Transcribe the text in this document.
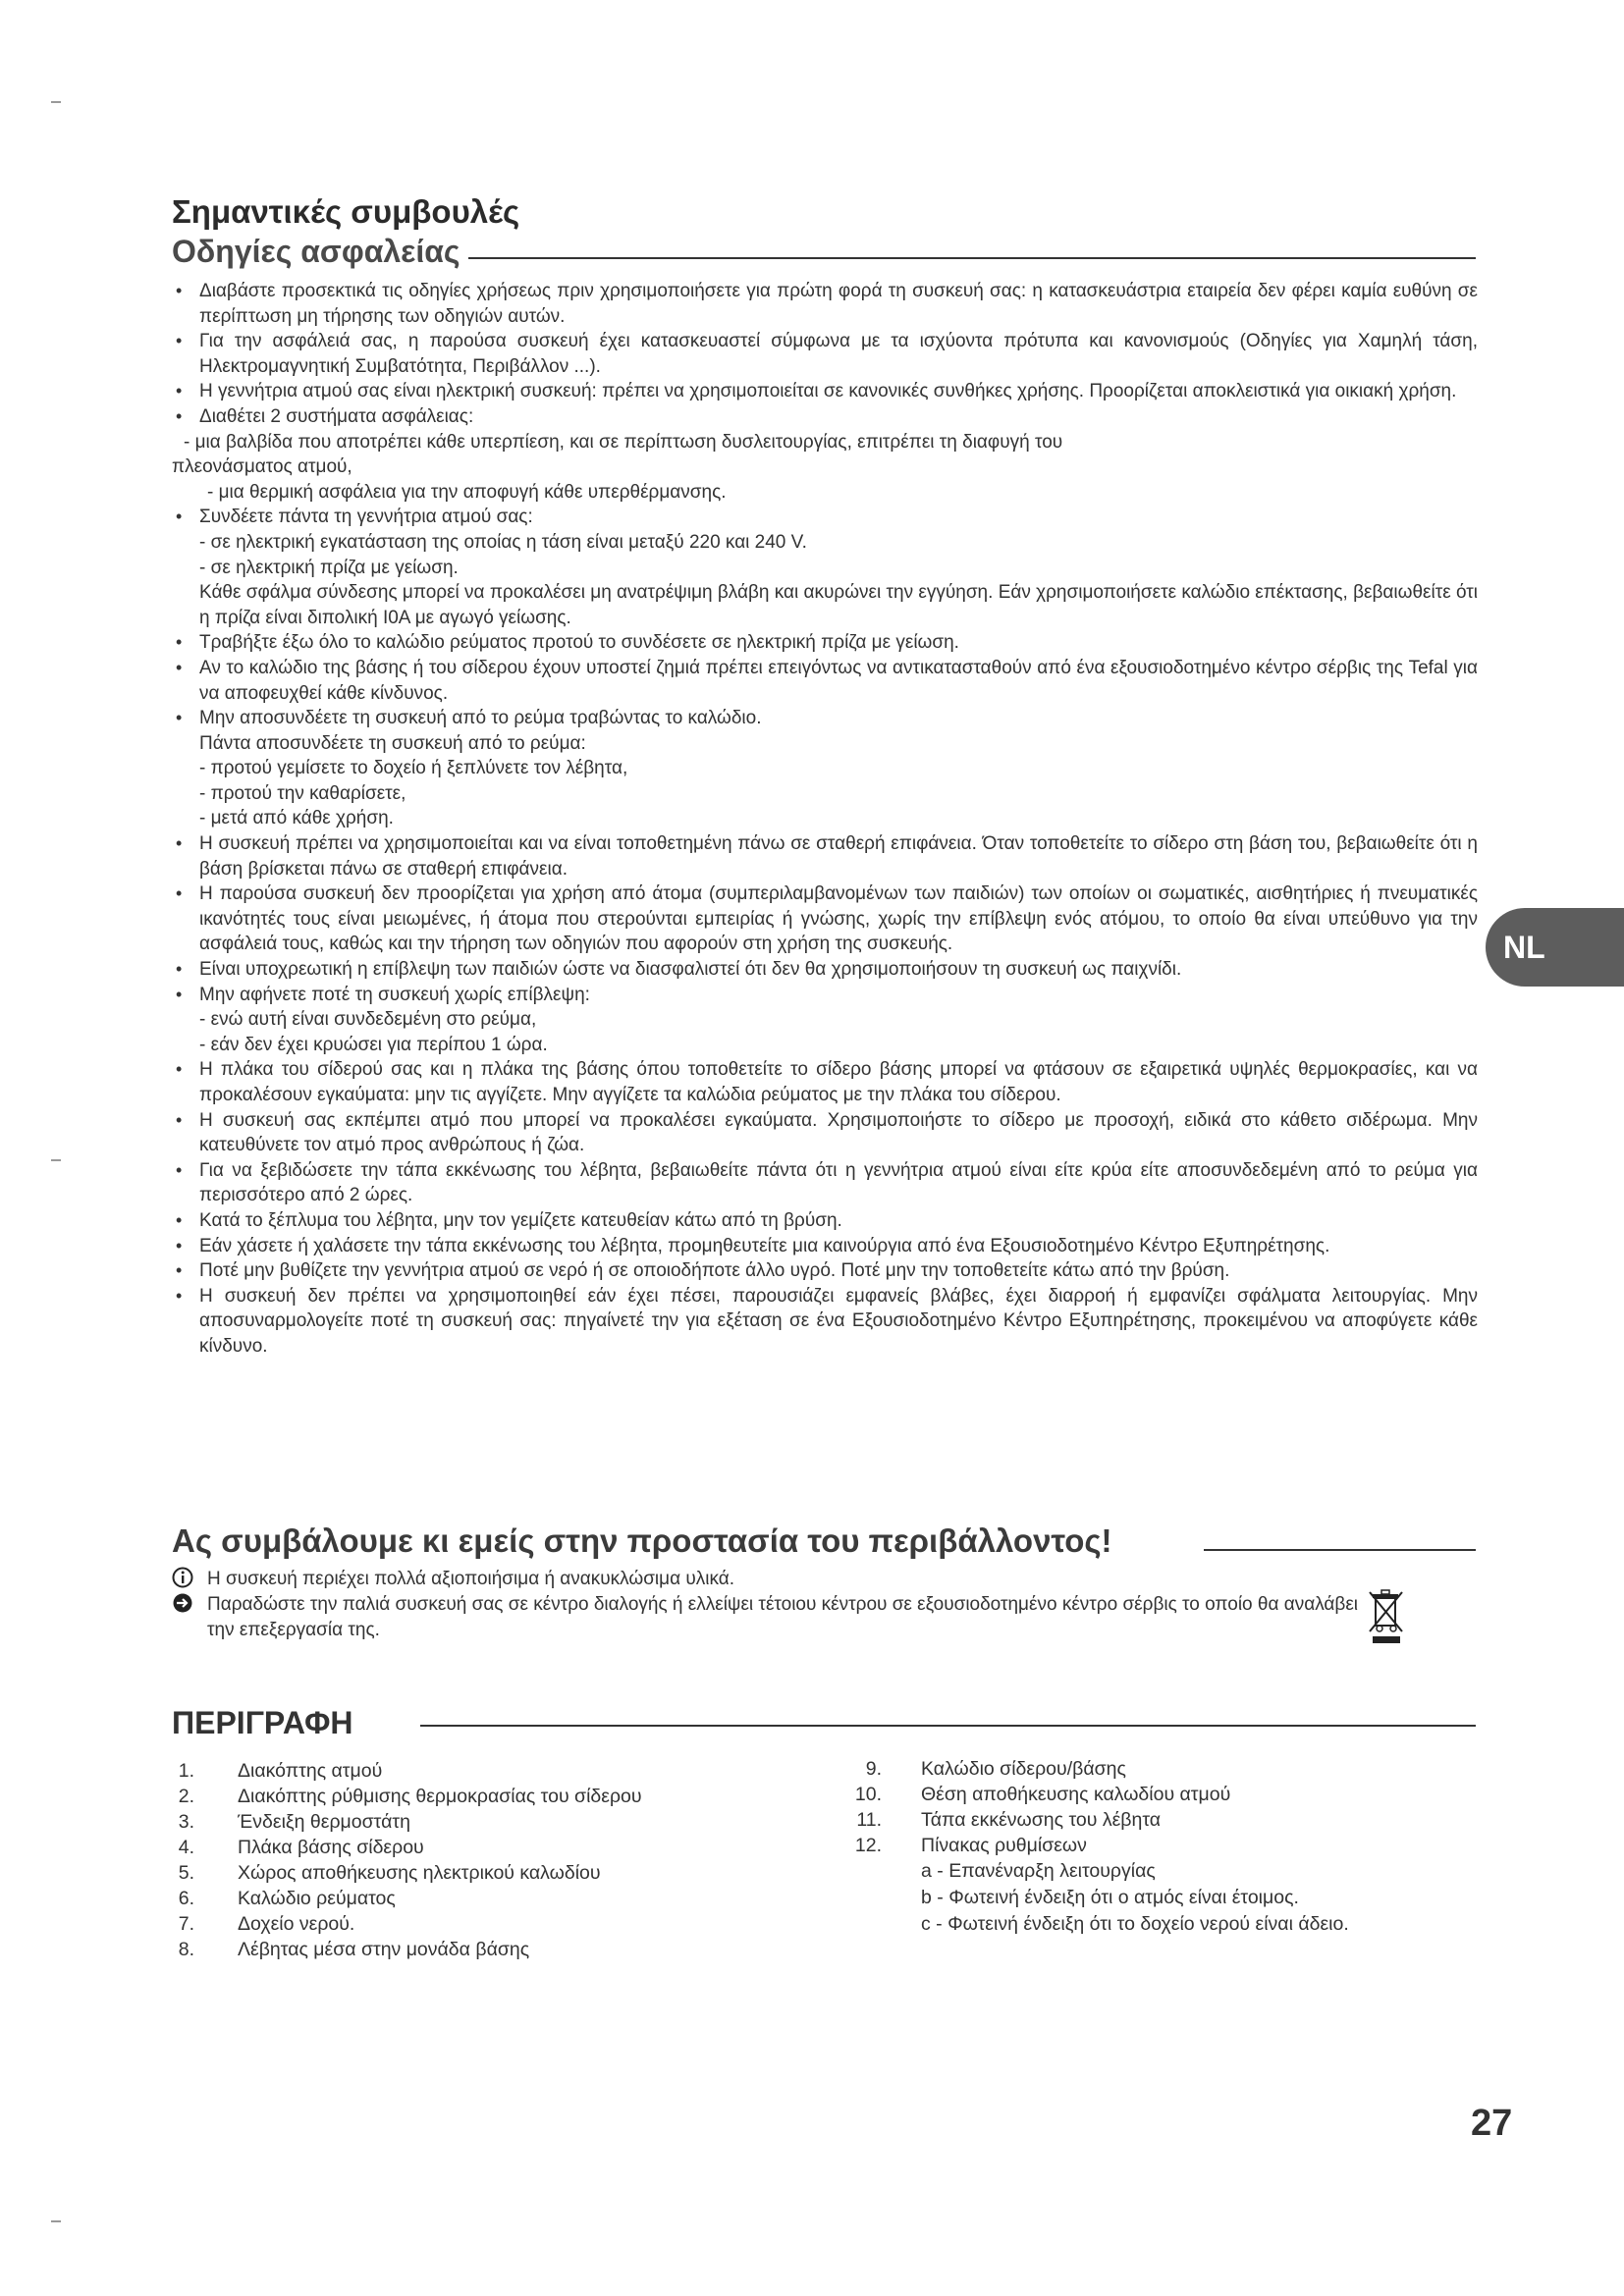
Σημαντικές συμβουλές
Οδηγίες ασφαλείας

• Διαβάστε προσεκτικά τις οδηγίες χρήσεως πριν χρησιμοποιήσετε για πρώτη φορά τη συσκευή σας: η κατασκευάστρια εταιρεία δεν φέρει καμία ευθύνη σε περίπτωση μη τήρησης των οδηγιών αυτών.

• Για την ασφάλειά σας, η παρούσα συσκευή έχει κατασκευαστεί σύμφωνα με τα ισχύοντα πρότυπα και κανονισμούς (Οδηγίες για Χαμηλή τάση, Ηλεκτρομαγνητική Συμβατότητα, Περιβάλλον ...).

• Η γεννήτρια ατμού σας είναι ηλεκτρική συσκευή: πρέπει να χρησιμοποιείται σε κανονικές συνθήκες χρήσης. Προορίζεται αποκλειστικά για οικιακή χρήση.

• Διαθέτει 2 συστήματα ασφάλειας:

- μια βαλβίδα που αποτρέπει κάθε υπερπίεση, και σε περίπτωση δυσλειτουργίας, επιτρέπει τη διαφυγή του

πλεονάσματος ατμού,

- μια θερμική ασφάλεια για την αποφυγή κάθε υπερθέρμανσης.

• Συνδέετε πάντα τη γεννήτρια ατμού σας:

- σε ηλεκτρική εγκατάσταση της οποίας η τάση είναι μεταξύ 220 και 240 V.

- σε ηλεκτρική πρίζα με γείωση.

Κάθε σφάλμα σύνδεσης μπορεί να προκαλέσει μη ανατρέψιμη βλάβη και ακυρώνει την εγγύηση. Εάν χρησιμοποιήσετε καλώδιο επέκτασης, βεβαιωθείτε ότι η πρίζα είναι διπολική I0A με αγωγό γείωσης.

• Τραβήξτε έξω όλο το καλώδιο ρεύματος προτού το συνδέσετε σε ηλεκτρική πρίζα με γείωση.

• Αν το καλώδιο της βάσης ή του σίδερου έχουν υποστεί ζημιά πρέπει επειγόντως να αντικατασταθούν από ένα εξουσιοδοτημένο κέντρο σέρβις της Tefal για να αποφευχθεί κάθε κίνδυνος.

• Μην αποσυνδέετε τη συσκευή από το ρεύμα τραβώντας το καλώδιο.

Πάντα αποσυνδέετε τη συσκευή από το ρεύμα:

- προτού γεμίσετε το δοχείο ή ξεπλύνετε τον λέβητα,

- προτού την καθαρίσετε,

- μετά από κάθε χρήση.

• Η συσκευή πρέπει να χρησιμοποιείται και να είναι τοποθετημένη πάνω σε σταθερή επιφάνεια. Όταν τοποθετείτε το σίδερο στη βάση του, βεβαιωθείτε ότι η βάση βρίσκεται πάνω σε σταθερή επιφάνεια.

• Η παρούσα συσκευή δεν προορίζεται για χρήση από άτομα (συμπεριλαμβανομένων των παιδιών) των οποίων οι σωματικές, αισθητήριες ή πνευματικές ικανότητές τους είναι μειωμένες, ή άτομα που στερούνται εμπειρίας ή γνώσης, χωρίς την επίβλεψη ενός ατόμου, το οποίο θα είναι υπεύθυνο για την ασφάλειά τους, καθώς και την τήρηση των οδηγιών που αφορούν στη χρήση της συσκευής.

• Είναι υποχρεωτική η επίβλεψη των παιδιών ώστε να διασφαλιστεί ότι δεν θα χρησιμοποιήσουν τη συσκευή ως παιχνίδι.

• Μην αφήνετε ποτέ τη συσκευή χωρίς επίβλεψη:

- ενώ αυτή είναι συνδεδεμένη στο ρεύμα,

- εάν δεν έχει κρυώσει για περίπου 1 ώρα.

• Η πλάκα του σίδερού σας και η πλάκα της βάσης όπου τοποθετείτε το σίδερο βάσης μπορεί να φτάσουν σε εξαιρετικά υψηλές θερμοκρασίες, και να προκαλέσουν εγκαύματα: μην τις αγγίζετε. Μην αγγίζετε τα καλώδια ρεύματος με την πλάκα του σίδερου.

• Η συσκευή σας εκπέμπει ατμό που μπορεί να προκαλέσει εγκαύματα. Χρησιμοποιήστε το σίδερο με προσοχή, ειδικά στο κάθετο σιδέρωμα. Μην κατευθύνετε τον ατμό προς ανθρώπους ή ζώα.

• Για να ξεβιδώσετε την τάπα εκκένωσης του λέβητα, βεβαιωθείτε πάντα ότι η γεννήτρια ατμού είναι είτε κρύα είτε αποσυνδεδεμένη από το ρεύμα για περισσότερο από 2 ώρες.

• Κατά το ξέπλυμα του λέβητα, μην τον γεμίζετε κατευθείαν κάτω από τη βρύση.

• Εάν χάσετε ή χαλάσετε την τάπα εκκένωσης του λέβητα, προμηθευτείτε μια καινούργια από ένα Εξουσιοδοτημένο Κέντρο Εξυπηρέτησης.

• Ποτέ μην βυθίζετε την γεννήτρια ατμού σε νερό ή σε οποιοδήποτε άλλο υγρό. Ποτέ μην την τοποθετείτε κάτω από την βρύση.

• Η συσκευή δεν πρέπει να χρησιμοποιηθεί εάν έχει πέσει, παρουσιάζει εμφανείς βλάβες, έχει διαρροή ή εμφανίζει σφάλματα λειτουργίας. Μην αποσυναρμολογείτε ποτέ τη συσκευή σας: πηγαίνετέ την για εξέταση σε ένα Εξουσιοδοτημένο Κέντρο Εξυπηρέτησης, προκειμένου να αποφύγετε κάθε κίνδυνο.

Ας συμβάλουμε κι εμείς στην προστασία του περιβάλλοντος!
Η συσκευή περιέχει πολλά αξιοποιήσιμα ή ανακυκλώσιμα υλικά.
Παραδώστε την παλιά συσκευή σας σε κέντρο διαλογής ή ελλείψει τέτοιου κέντρου σε εξουσιοδοτημένο κέντρο σέρβις το οποίο θα αναλάβει την επεξεργασία της.
ΠΕΡΙΓΡΑΦΗ
1. Διακόπτης ατμού
2. Διακόπτης ρύθμισης θερμοκρασίας του σίδερου
3. Ένδειξη θερμοστάτη
4. Πλάκα βάσης σίδερου
5. Χώρος αποθήκευσης ηλεκτρικού καλωδίου
6. Καλώδιο ρεύματος
7. Δοχείο νερού.
8. Λέβητας μέσα στην μονάδα βάσης
9. Καλώδιο σίδερου/βάσης
10. Θέση αποθήκευσης καλωδίου ατμού
11. Τάπα εκκένωσης του λέβητα
12. Πίνακας ρυθμίσεων
a - Επανέναρξη λειτουργίας
b - Φωτεινή ένδειξη ότι ο ατμός είναι έτοιμος.
c - Φωτεινή ένδειξη ότι το δοχείο νερού είναι άδειο.
NL
27
